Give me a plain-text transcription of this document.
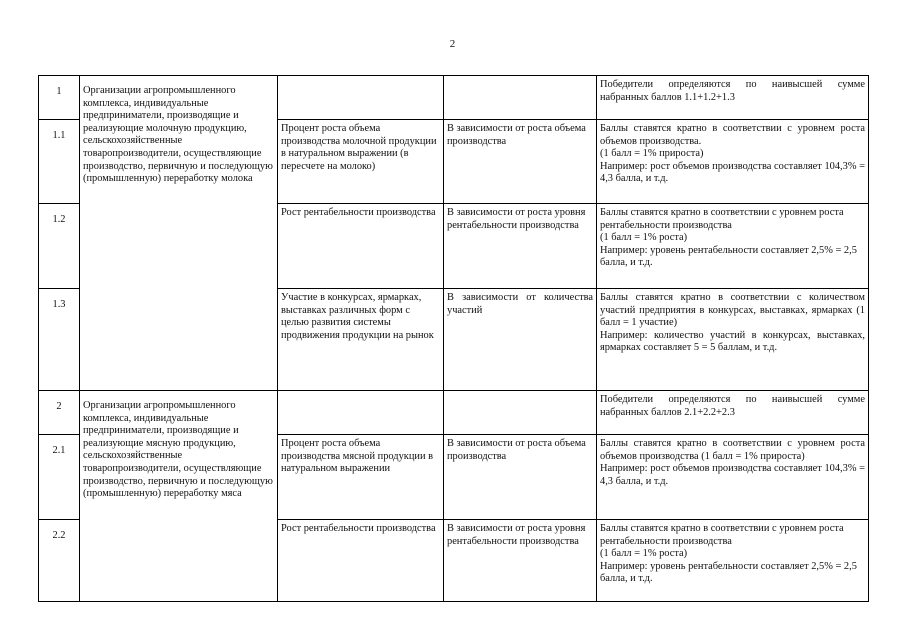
2
1	Организации агропромышленного комплекса, индивидуальные предприниматели, производящие и реализующие молочную продукцию, сельскохозяйственные товаропроизводители, осуществляющие производство, первичную и последующую (промышленную) переработку молока			Победители определяются по наивысшей сумме набранных баллов 1.1+1.2+1.3
1.1		Процент роста объема производства молочной продукции в натуральном выражении (в пересчете на молоко)	В зависимости от роста объема производства	Баллы ставятся кратно в соответствии с уровнем роста объемов производства.
(1 балл = 1% прироста)
Например: рост объемов производства составляет 104,3% = 4,3 балла, и т.д.

1.2		Рост рентабельности производства	В зависимости от роста уровня рентабельности производства	Баллы ставятся кратно в соответствии с уровнем роста рентабельности производства
(1 балл = 1% роста)
Например: уровень рентабельности составляет 2,5% = 2,5 балла, и т.д.

1.3		Участие в конкурсах, ярмарках, выставках различных форм с целью развития системы продвижения продукции на рынок	В зависимости от количества участий	Баллы ставятся кратно в соответствии с количеством участий предприятия в конкурсах, выставках, ярмарках (1 балл = 1 участие)
Например: количество участий в конкурсах, выставках, ярмарках составляет 5 = 5 баллам, и т.д.

2	Организации агропромышленного комплекса, индивидуальные предприниматели, производящие и реализующие мясную продукцию, сельскохозяйственные товаропроизводители, осуществляющие производство, первичную и последующую (промышленную) переработку мяса			Победители определяются по наивысшей сумме набранных баллов 2.1+2.2+2.3
2.1		Процент роста объема производства мясной продукции в натуральном выражении	В зависимости от роста объема производства	Баллы ставятся кратно в соответствии с уровнем роста объемов производства (1 балл = 1% прироста)
Например: рост объемов производства составляет 104,3% = 4,3 балла, и т.д.

2.2		Рост рентабельности производства	В зависимости от роста уровня рентабельности производства	Баллы ставятся кратно в соответствии с уровнем роста рентабельности производства
(1 балл = 1% роста)
Например: уровень рентабельности составляет 2,5% = 2,5 балла, и т.д.
